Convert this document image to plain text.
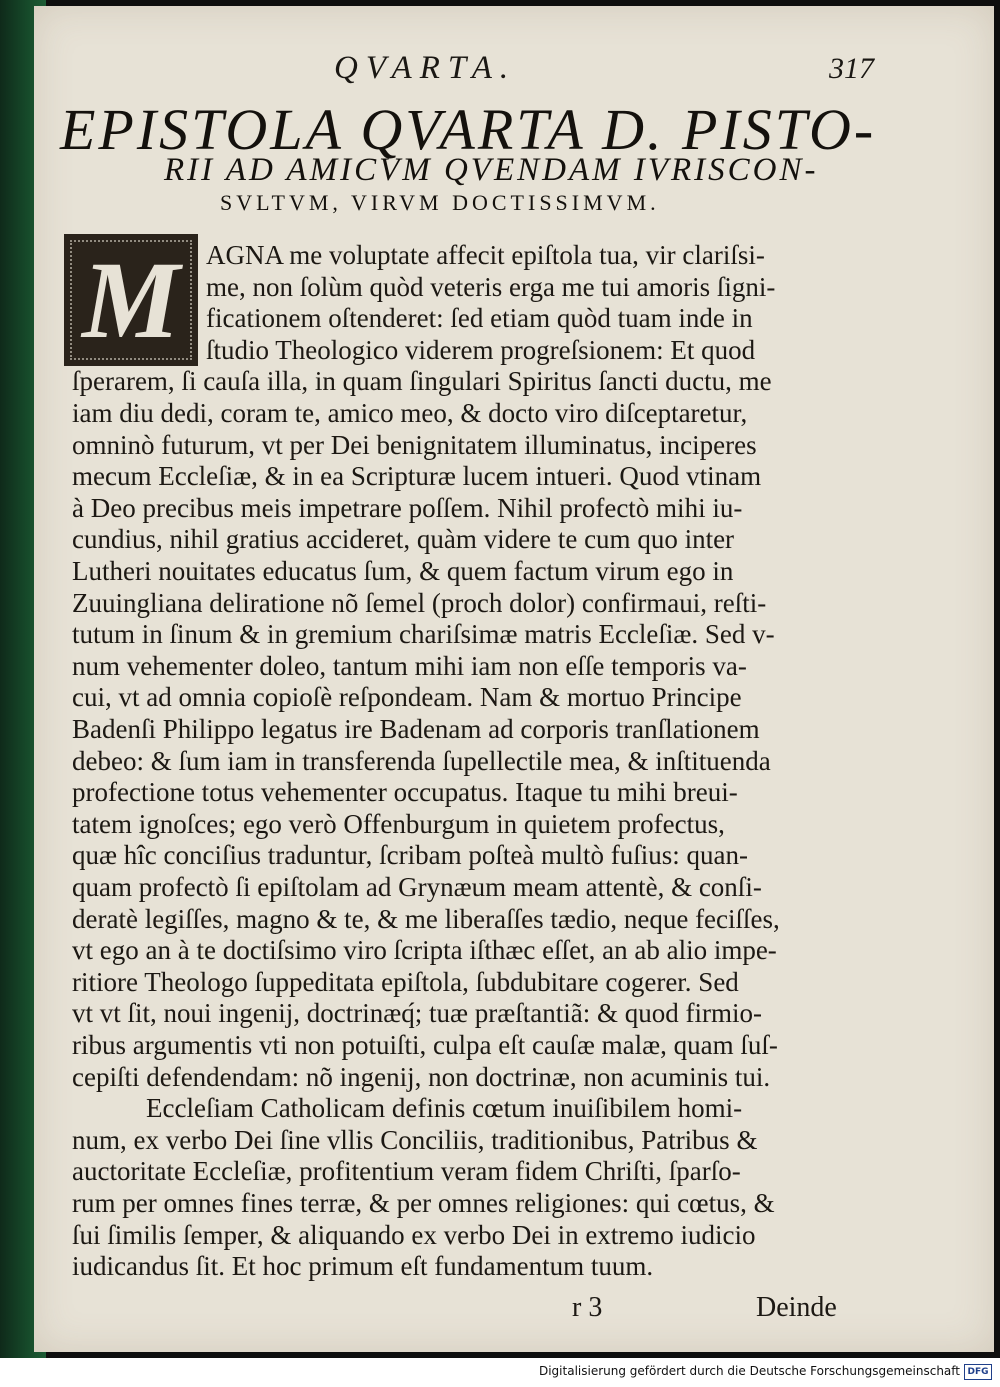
QVARTA.	317
EPISTOLA QVARTA D. PISTO-
RII AD AMICVM QVENDAM IVRISCON-
SVLTVM, VIRVM DOCTISSIMVM.
M AGNA me voluptate affecit epiſtola tua, vir clariſsi-
me, non ſolùm quòd veteris erga me tui amoris ſigni-
ficationem oſtenderet: ſed etiam quòd tuam inde in
ſtudio Theologico viderem progreſsionem: Et quod
ſperarem, ſi cauſa illa, in quam ſingulari Spiritus ſancti ductu, me
iam diu dedi, coram te, amico meo, & docto viro diſceptaretur,
omninò futurum, vt per Dei benignitatem illuminatus, inciperes
mecum Eccleſiæ, & in ea Scripturæ lucem intueri. Quod vtinam
à Deo precibus meis impetrare poſſem. Nihil profectò mihi iu-
cundius, nihil gratius accideret, quàm videre te cum quo inter
Lutheri nouitates educatus ſum, & quem factum virum ego in
Zuuingliana deliratione nõ ſemel (proch dolor) confirmaui, reſti-
tutum in ſinum & in gremium chariſsimæ matris Eccleſiæ. Sed v-
num vehementer doleo, tantum mihi iam non eſſe temporis va-
cui, vt ad omnia copioſè reſpondeam. Nam & mortuo Principe
Badenſi Philippo legatus ire Badenam ad corporis tranſlationem
debeo: & ſum iam in transferenda ſupellectile mea, & inſtituenda
profectione totus vehementer occupatus. Itaque tu mihi breui-
tatem ignoſces; ego verò Offenburgum in quietem profectus,
quæ hîc conciſius traduntur, ſcribam poſteà multò fuſius: quan-
quam profectò ſi epiſtolam ad Grynæum meam attentè, & conſi-
deratè legiſſes, magno & te, & me liberaſſes tædio, neque feciſſes,
vt ego an à te doctiſsimo viro ſcripta iſthæc eſſet, an ab alio impe-
ritiore Theologo ſuppeditata epiſtola, ſubdubitare cogerer. Sed
vt vt ſit, noui ingenij, doctrinæq́; tuæ præſtantiã: & quod firmio-
ribus argumentis vti non potuiſti, culpa eſt cauſæ malæ, quam ſuſ-
cepiſti defendendam: nõ ingenij, non doctrinæ, non acuminis tui.
Eccleſiam Catholicam definis cœtum inuiſibilem homi-
num, ex verbo Dei ſine vllis Conciliis, traditionibus, Patribus &
auctoritate Eccleſiæ, profitentium veram fidem Chriſti, ſparſo-
rum per omnes fines terræ, & per omnes religiones: qui cœtus, &
ſui ſimilis ſemper, & aliquando ex verbo Dei in extremo iudicio
iudicandus ſit. Et hoc primum eſt fundamentum tuum.
r 3	Deinde
Digitalisierung gefördert durch die Deutsche Forschungsgemeinschaft DFG
